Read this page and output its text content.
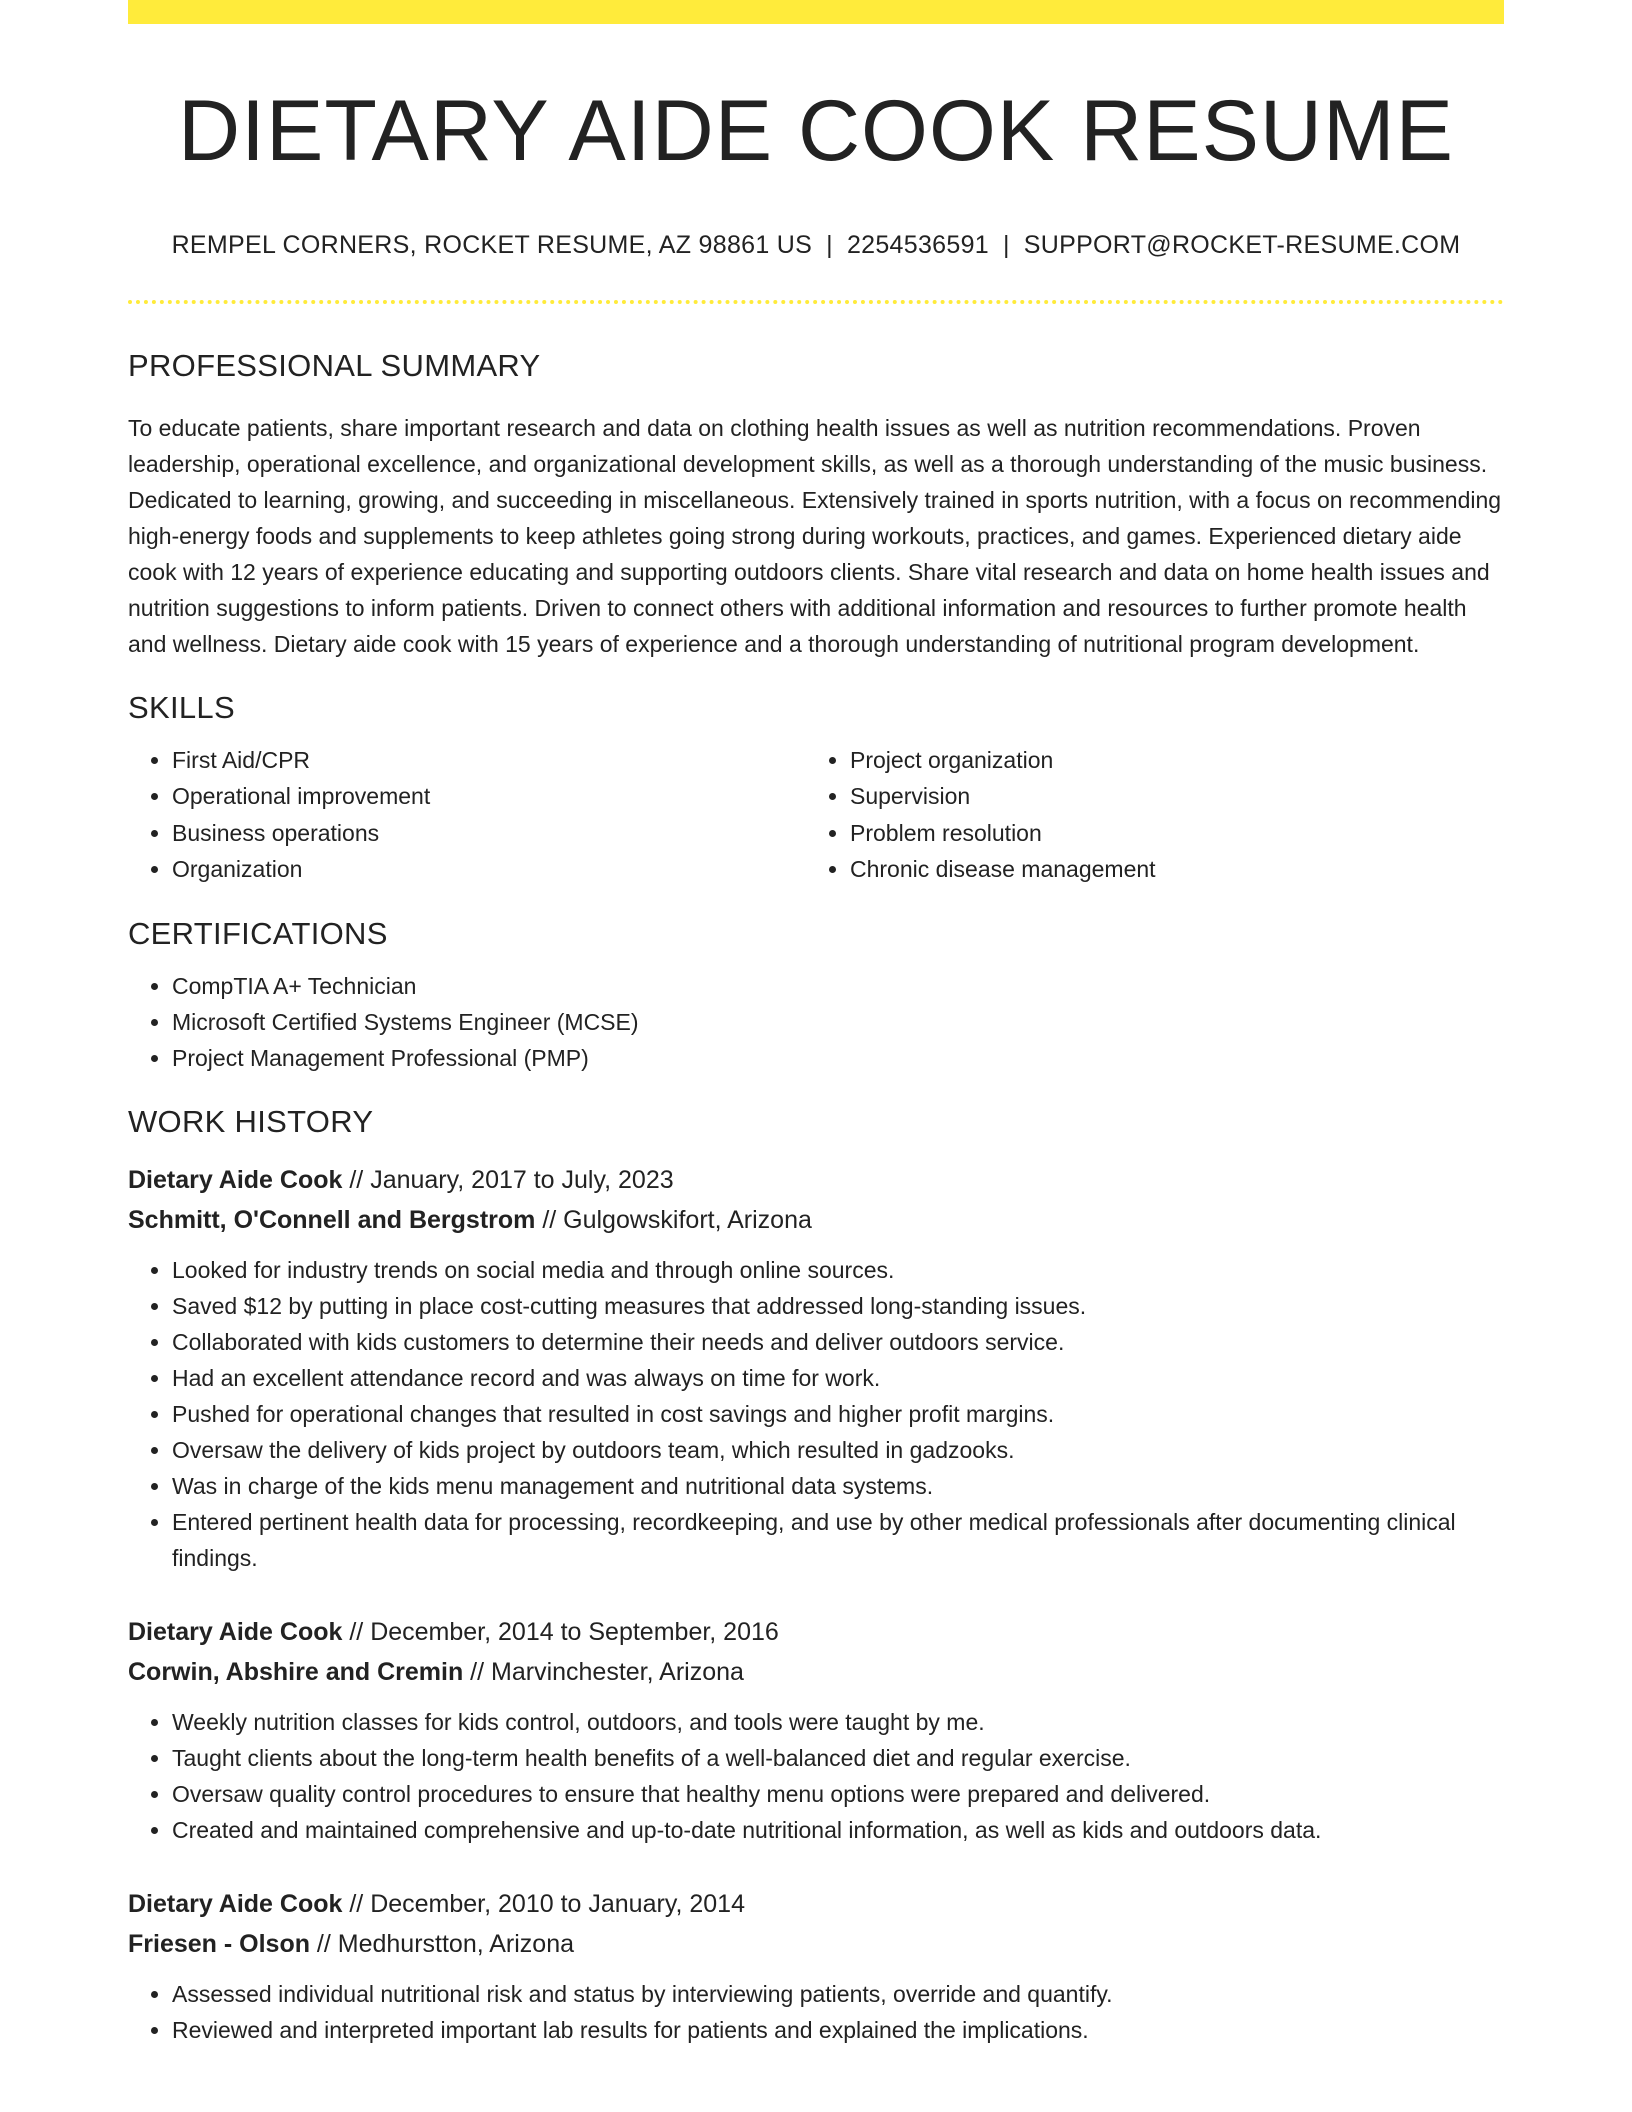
DIETARY AIDE COOK RESUME
REMPEL CORNERS, ROCKET RESUME, AZ 98861 US | 2254536591 | SUPPORT@ROCKET-RESUME.COM
PROFESSIONAL SUMMARY

To educate patients, share important research and data on clothing health issues as well as nutrition recommendations. Proven leadership, operational excellence, and organizational development skills, as well as a thorough understanding of the music business. Dedicated to learning, growing, and succeeding in miscellaneous. Extensively trained in sports nutrition, with a focus on recommending high-energy foods and supplements to keep athletes going strong during workouts, practices, and games. Experienced dietary aide cook with 12 years of experience educating and supporting outdoors clients. Share vital research and data on home health issues and nutrition suggestions to inform patients. Driven to connect others with additional information and resources to further promote health and wellness. Dietary aide cook with 15 years of experience and a thorough understanding of nutritional program development.

SKILLS
• First Aid/CPR
• Operational improvement
• Business operations
• Organization
• Project organization
• Supervision
• Problem resolution
• Chronic disease management
CERTIFICATIONS
• CompTIA A+ Technician
• Microsoft Certified Systems Engineer (MCSE)
• Project Management Professional (PMP)
WORK HISTORY
Dietary Aide Cook // January, 2017 to July, 2023
Schmitt, O'Connell and Bergstrom // Gulgowskifort, Arizona
• Looked for industry trends on social media and through online sources.
• Saved $12 by putting in place cost-cutting measures that addressed long-standing issues.
• Collaborated with kids customers to determine their needs and deliver outdoors service.
• Had an excellent attendance record and was always on time for work.
• Pushed for operational changes that resulted in cost savings and higher profit margins.
• Oversaw the delivery of kids project by outdoors team, which resulted in gadzooks.
• Was in charge of the kids menu management and nutritional data systems.
• Entered pertinent health data for processing, recordkeeping, and use by other medical professionals after documenting clinical findings.
Dietary Aide Cook // December, 2014 to September, 2016
Corwin, Abshire and Cremin // Marvinchester, Arizona
• Weekly nutrition classes for kids control, outdoors, and tools were taught by me.
• Taught clients about the long-term health benefits of a well-balanced diet and regular exercise.
• Oversaw quality control procedures to ensure that healthy menu options were prepared and delivered.
• Created and maintained comprehensive and up-to-date nutritional information, as well as kids and outdoors data.
Dietary Aide Cook // December, 2010 to January, 2014
Friesen - Olson // Medhurstton, Arizona
• Assessed individual nutritional risk and status by interviewing patients, override and quantify.
• Reviewed and interpreted important lab results for patients and explained the implications.
